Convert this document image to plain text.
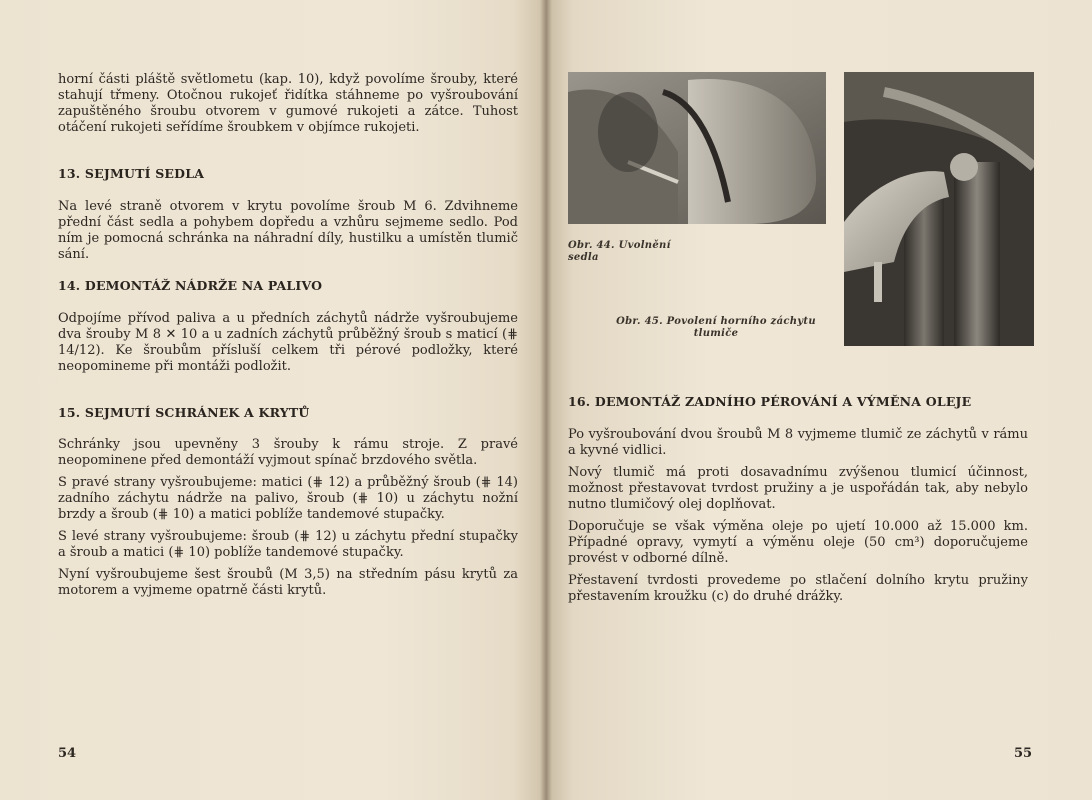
horní části pláště světlometu (kap. 10), když povolíme šrouby, které stahují třmeny. Otočnou rukojeť řidítka stáhneme po vyšroubování zapuštěného šroubu otvorem v gumové rukojeti a zátce. Tuhost otáčení rukojeti seřídíme šroubkem v objímce rukojeti.

13. SEJMUTÍ SEDLA

Na levé straně otvorem v krytu povolíme šroub M 6. Zdvihneme přední část sedla a pohybem dopředu a vzhůru sejmeme sedlo. Pod ním je pomocná schránka na náhradní díly, hustilku a umístěn tlumič sání.

14. DEMONTÁŽ NÁDRŽE NA PALIVO

Odpojíme přívod paliva a u předních záchytů nádrže vyšroubujeme dva šrouby M 8 ✕ 10 a u zadních záchytů průběžný šroub s maticí (⋕ 14/12). Ke šroubům přísluší celkem tři pérové podložky, které neopomineme při montáži podložit.

15. SEJMUTÍ SCHRÁNEK A KRYTŮ

Schránky jsou upevněny 3 šrouby k rámu stroje. Z pravé neopominene před demontáží vyjmout spínač brzdového světla.

S pravé strany vyšroubujeme: matici (⋕ 12) a průběžný šroub (⋕ 14) zadního záchytu nádrže na palivo, šroub (⋕ 10) u záchytu nožní brzdy a šroub (⋕ 10) a matici poblíže tandemové stupačky.

S levé strany vyšroubujeme: šroub (⋕ 12) u záchytu přední stupačky a šroub a matici (⋕ 10) poblíže tandemové stupačky.

Nyní vyšroubujeme šest šroubů (M 3,5) na středním pásu krytů za motorem a vyjmeme opatrně části krytů.

54
Obr. 44. Uvolnění sedla
Obr. 45. Povolení horního záchytu tlumiče
16. DEMONTÁŽ ZADNÍHO PÉROVÁNÍ A VÝMĚNA OLEJE

Po vyšroubování dvou šroubů M 8 vyjmeme tlumič ze záchytů v rámu a kyvné vidlici.

Nový tlumič má proti dosavadnímu zvýšenou tlumicí účinnost, možnost přestavovat tvrdost pružiny a je uspořádán tak, aby nebylo nutno tlumičový olej doplňovat.

Doporučuje se však výměna oleje po ujetí 10.000 až 15.000 km. Případné opravy, vymytí a výměnu oleje (50 cm³) doporučujeme provést v odborné dílně.

Přestavení tvrdosti provedeme po stlačení dolního krytu pružiny přestavením kroužku (c) do druhé drážky.

55
